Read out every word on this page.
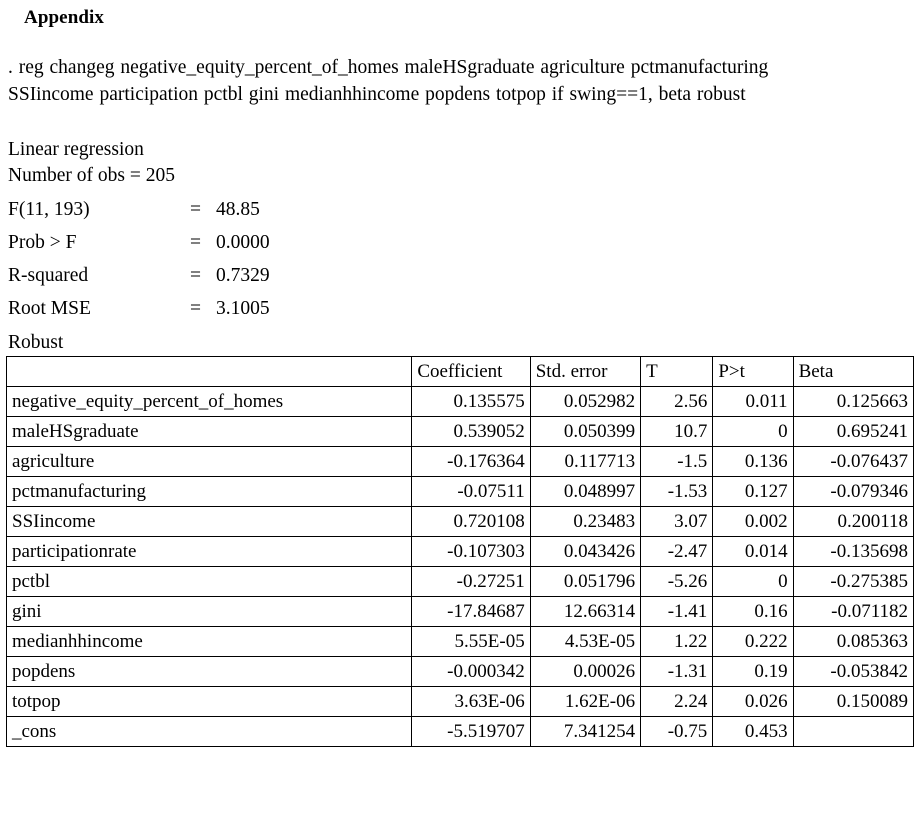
Appendix
. reg changeg negative_equity_percent_of_homes maleHSgraduate agriculture pctmanufacturing SSIincome participation pctbl gini medianhhincome popdens totpop if swing==1, beta robust
Linear regression
Number of obs = 205
F(11, 193)	= 48.85
Prob > F	= 0.0000
R-squared	= 0.7329
Root MSE	= 3.1005
Robust
	Coefficient	Std. error	T	P>t	Beta
negative_equity_percent_of_homes	0.135575	0.052982	2.56	0.011	0.125663
maleHSgraduate	0.539052	0.050399	10.7	0	0.695241
agriculture	-0.176364	0.117713	-1.5	0.136	-0.076437
pctmanufacturing	-0.07511	0.048997	-1.53	0.127	-0.079346
SSIincome	0.720108	0.23483	3.07	0.002	0.200118
participationrate	-0.107303	0.043426	-2.47	0.014	-0.135698
pctbl	-0.27251	0.051796	-5.26	0	-0.275385
gini	-17.84687	12.66314	-1.41	0.16	-0.071182
medianhhincome	5.55E-05	4.53E-05	1.22	0.222	0.085363
popdens	-0.000342	0.00026	-1.31	0.19	-0.053842
totpop	3.63E-06	1.62E-06	2.24	0.026	0.150089
_cons	-5.519707	7.341254	-0.75	0.453	
